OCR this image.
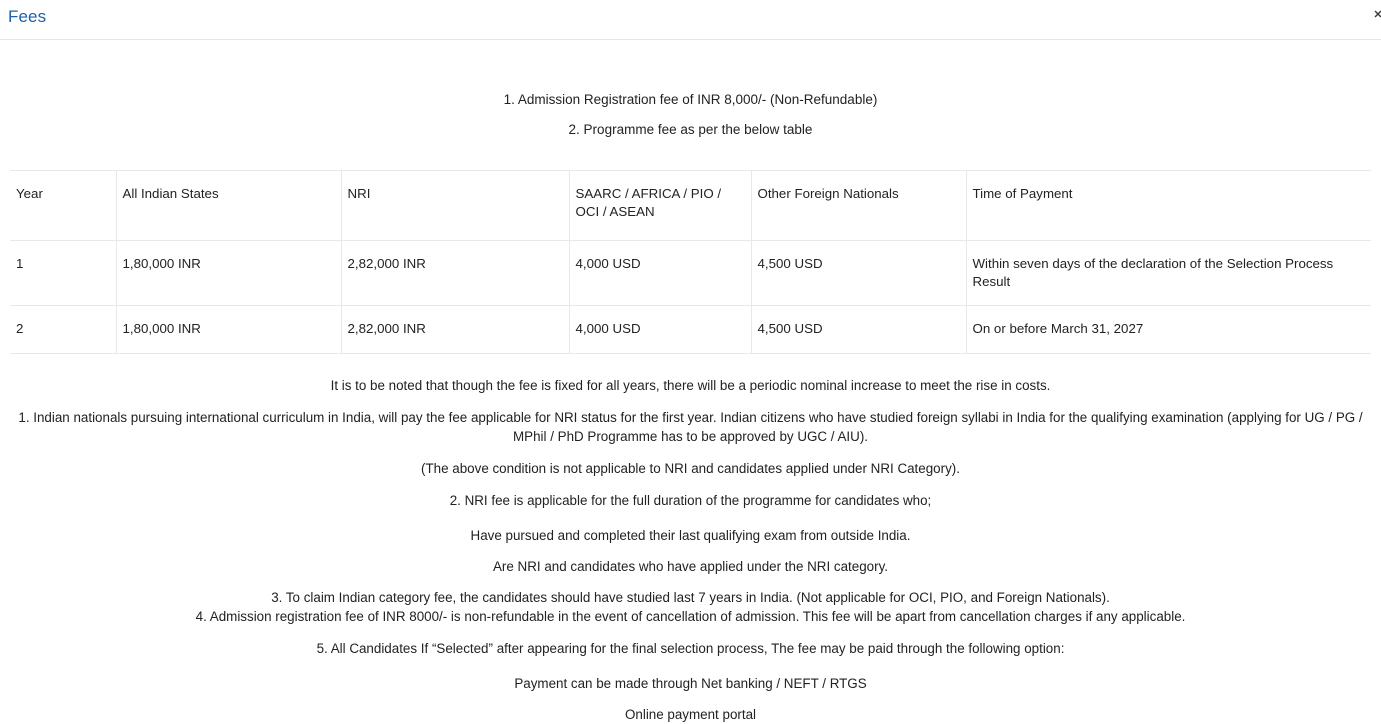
Fees

1. Admission Registration fee of INR 8,000/- (Non-Refundable)

2. Programme fee as per the below table

Year	All Indian States	NRI	SAARC / AFRICA / PIO / OCI / ASEAN	Other Foreign Nationals	Time of Payment
1	1,80,000 INR	2,82,000 INR	4,000 USD	4,500 USD	Within seven days of the declaration of the Selection Process Result
2	1,80,000 INR	2,82,000 INR	4,000 USD	4,500 USD	On or before March 31, 2027

It is to be noted that though the fee is fixed for all years, there will be a periodic nominal increase to meet the rise in costs.

1. Indian nationals pursuing international curriculum in India, will pay the fee applicable for NRI status for the first year. Indian citizens who have studied foreign syllabi in India for the qualifying examination (applying for UG / PG / MPhil / PhD Programme has to be approved by UGC / AIU).

(The above condition is not applicable to NRI and candidates applied under NRI Category).

2. NRI fee is applicable for the full duration of the programme for candidates who;

Have pursued and completed their last qualifying exam from outside India.

Are NRI and candidates who have applied under the NRI category.

3. To claim Indian category fee, the candidates should have studied last 7 years in India. (Not applicable for OCI, PIO, and Foreign Nationals).

4. Admission registration fee of INR 8000/- is non-refundable in the event of cancellation of admission. This fee will be apart from cancellation charges if any applicable.

5. All Candidates If “Selected” after appearing for the final selection process, The fee may be paid through the following option:

Payment can be made through Net banking / NEFT / RTGS

Online payment portal
